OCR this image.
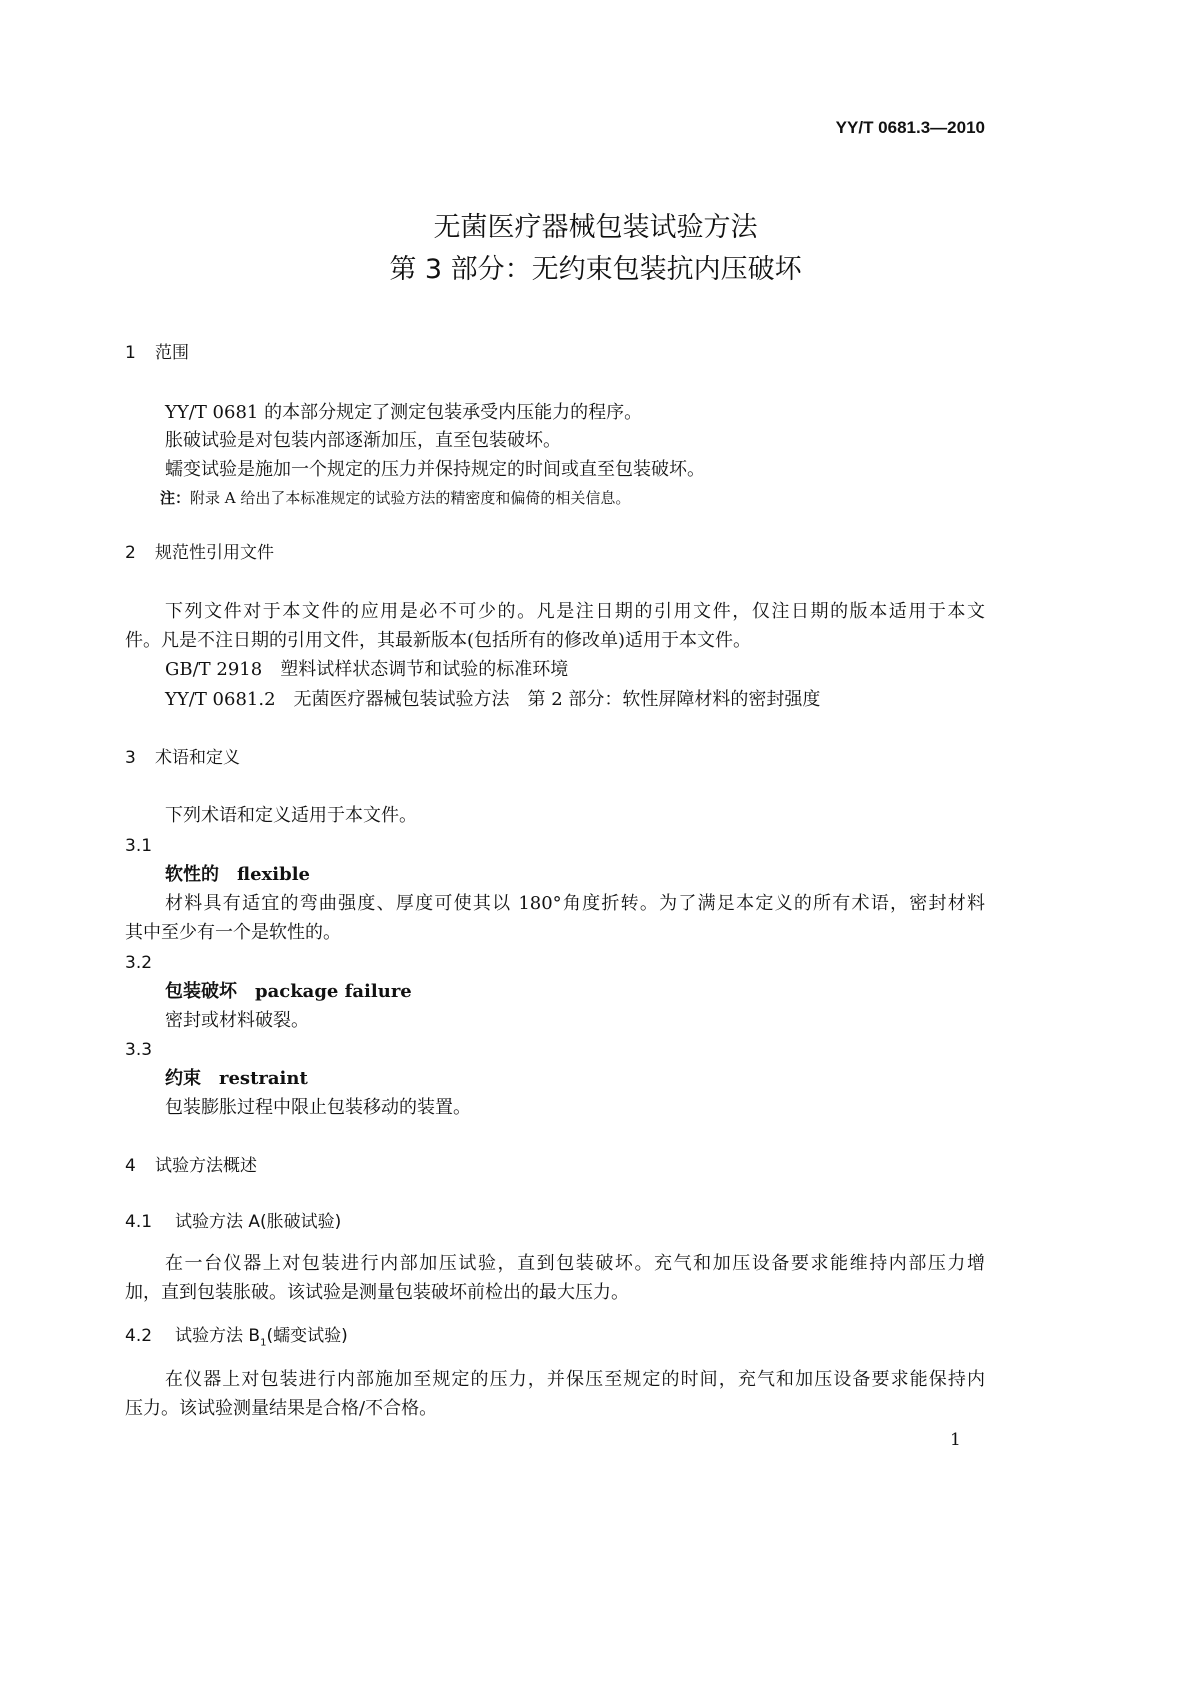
YY/T 0681.3—2010
无菌医疗器械包装试验方法
第 3 部分：无约束包装抗内压破坏
1 范围
YY/T 0681 的本部分规定了测定包装承受内压能力的程序。
胀破试验是对包装内部逐渐加压，直至包装破坏。
蠕变试验是施加一个规定的压力并保持规定的时间或直至包装破坏。
注：附录 A 给出了本标准规定的试验方法的精密度和偏倚的相关信息。
2 规范性引用文件
下列文件对于本文件的应用是必不可少的。凡是注日期的引用文件，仅注日期的版本适用于本文
件。凡是不注日期的引用文件，其最新版本(包括所有的修改单)适用于本文件。
GB/T 2918　塑料试样状态调节和试验的标准环境
YY/T 0681.2　无菌医疗器械包装试验方法　第 2 部分：软性屏障材料的密封强度
3 术语和定义
下列术语和定义适用于本文件。
3.1
软性的　flexible
材料具有适宜的弯曲强度、厚度可使其以 180°角度折转。为了满足本定义的所有术语，密封材料
其中至少有一个是软性的。
3.2
包装破坏　package failure
密封或材料破裂。
3.3
约束　restraint
包装膨胀过程中限止包装移动的装置。
4 试验方法概述
4.1 试验方法 A(胀破试验)
在一台仪器上对包装进行内部加压试验，直到包装破坏。充气和加压设备要求能维持内部压力增
加，直到包装胀破。该试验是测量包装破坏前检出的最大压力。
4.2 试验方法 $B_1$(蠕变试验)
在仪器上对包装进行内部施加至规定的压力，并保压至规定的时间，充气和加压设备要求能保持内
压力。该试验测量结果是合格/不合格。
1
